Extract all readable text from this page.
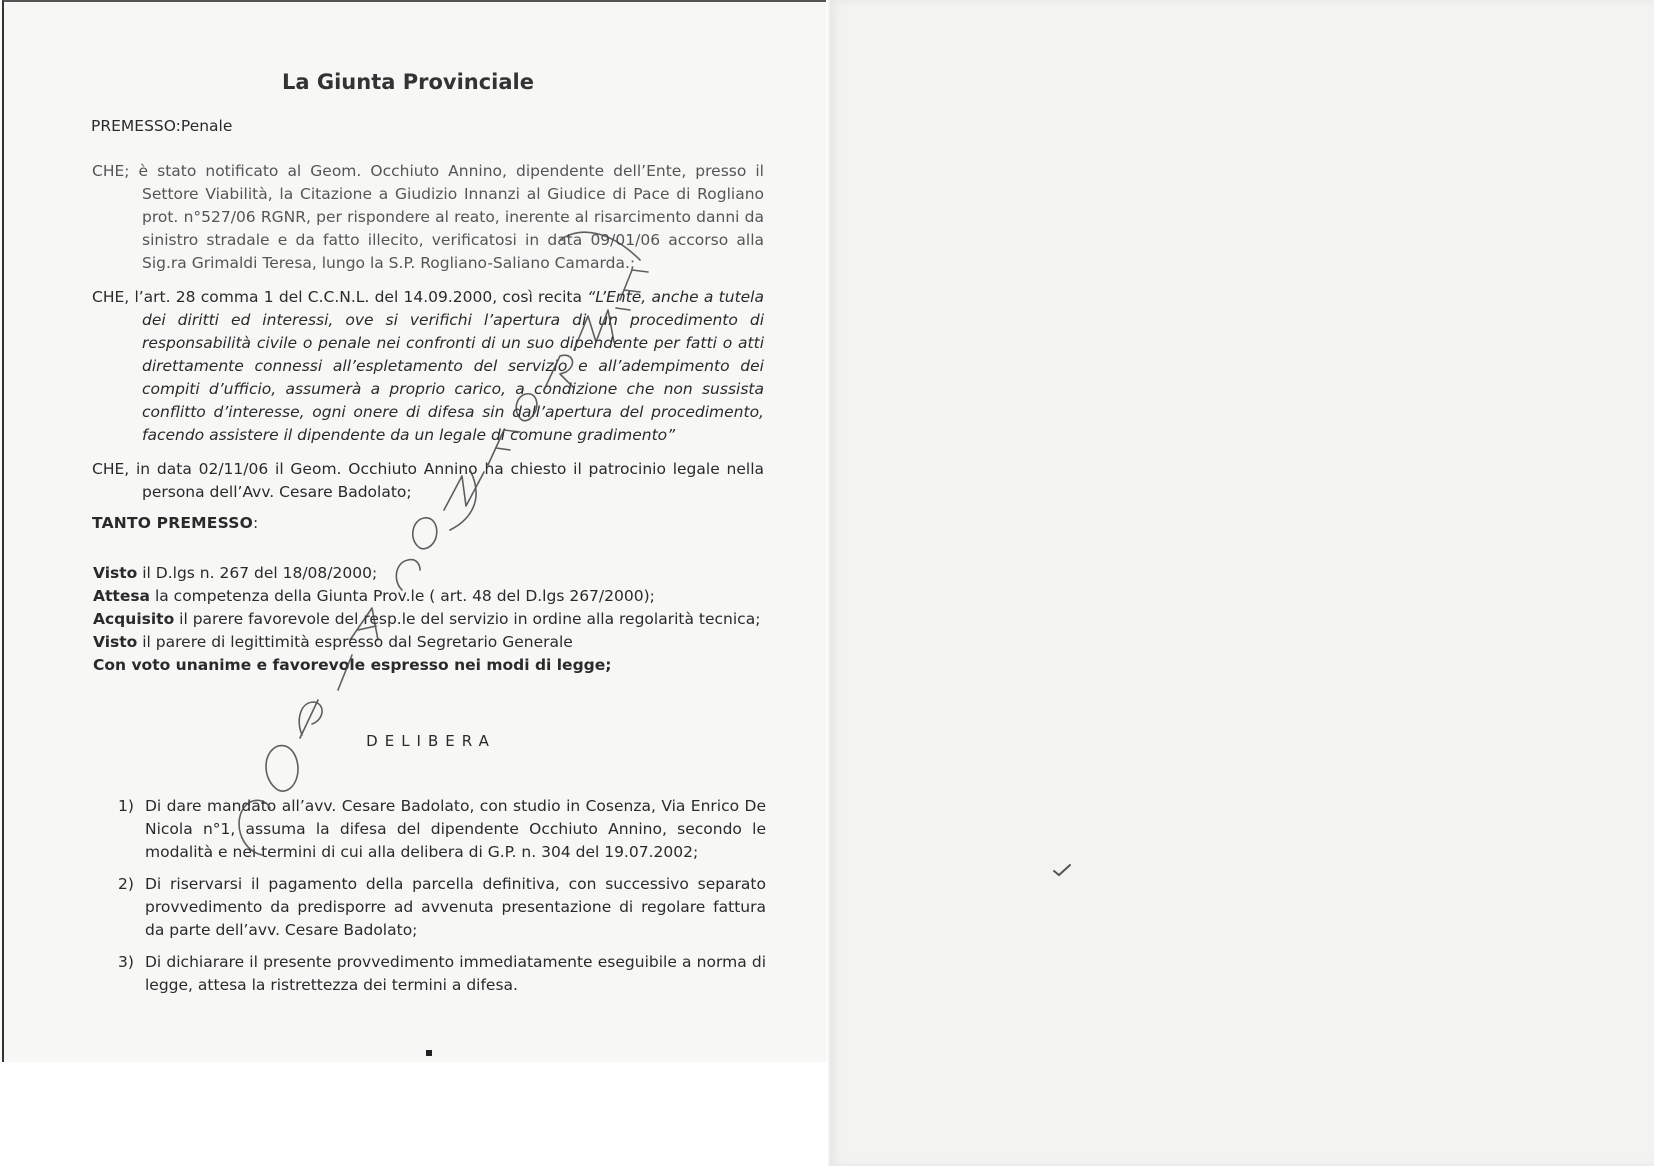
La Giunta Provinciale
PREMESSO:Penale

CHE; è stato notificato al Geom. Occhiuto Annino, dipendente dell’Ente, presso il Settore Viabilità, la Citazione a Giudizio Innanzi al Giudice di Pace di Rogliano prot. n°527/06 RGNR, per rispondere al reato, inerente al risarcimento danni da sinistro stradale e da fatto illecito, verificatosi in data 09/01/06 accorso alla Sig.ra Grimaldi Teresa, lungo la S.P. Rogliano-Saliano Camarda.;

CHE, l’art. 28 comma 1 del C.C.N.L. del 14.09.2000, così recita “L’Ente, anche a tutela dei diritti ed interessi, ove si verifichi l’apertura di un procedimento di responsabilità civile o penale nei confronti di un suo dipendente per fatti o atti direttamente connessi all’espletamento del servizio e all’adempimento dei compiti d’ufficio, assumerà a proprio carico, a condizione che non sussista conflitto d’interesse, ogni onere di difesa sin dall’apertura del procedimento, facendo assistere il dipendente da un legale di comune gradimento”

CHE, in data 02/11/06 il Geom. Occhiuto Annino ha chiesto il patrocinio legale nella persona dell’Avv. Cesare Badolato;

TANTO PREMESSO:
Visto il D.lgs n. 267 del 18/08/2000;
Attesa la competenza della Giunta Prov.le ( art. 48 del D.lgs 267/2000);
Acquisito il parere favorevole del resp.le del servizio in ordine alla regolarità tecnica;
Visto il parere di legittimità espresso dal Segretario Generale
Con voto unanime e favorevole espresso nei modi di legge;
DELIBERA
1) Di dare mandato all’avv. Cesare Badolato, con studio in Cosenza, Via Enrico De Nicola n°1, assuma la difesa del dipendente Occhiuto Annino, secondo le modalità e nei termini di cui alla delibera di G.P. n. 304 del 19.07.2002;
2) Di riservarsi il pagamento della parcella definitiva, con successivo separato provvedimento da predisporre ad avvenuta presentazione di regolare fattura da parte dell’avv. Cesare Badolato;
3) Di dichiarare il presente provvedimento immediatamente eseguibile a norma di legge, attesa la ristrettezza dei termini a difesa.
